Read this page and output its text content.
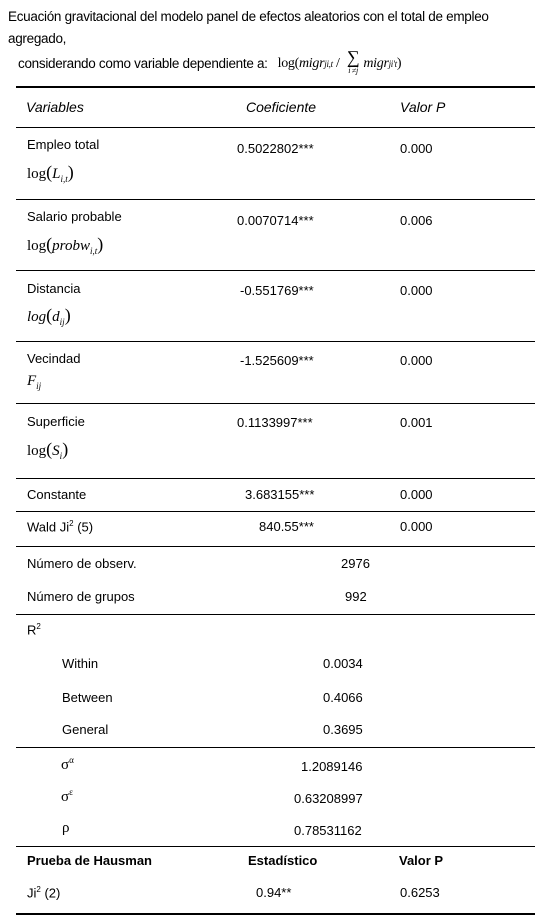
Ecuación gravitacional del modelo panel de efectos aleatorios con el total de empleo agregado,
considerando como variable dependiente a: log( migr ji,t / ∑
i ≠j migr ji't )
Variables	Coeficiente	Valor P
Empleo total
$\log(L_{i,t})$
0.5022802***	0.000
Salario probable
log(probw$_{i,t}$)
0.0070714***	0.006
Distancia
$\log(d_{ij})$
-0.551769***	0.000
Vecindad
$F_{ij}$
-1.525609***	0.000
Superficie
$\log(S_i)$
0.1133997***	0.001
Constante	3.683155***	0.000
Wald Ji$^2$ (5)	840.55***	0.000
Número de observ.	2976
Número de grupos	992
$R^2$
Within	0.0034
Between	0.4066
General	0.3695
$\sigma^\alpha$	1.2089146
$\sigma^\varepsilon$	0.63208997
ρ	0.78531162
Prueba de Hausman	Estadístico	Valor P
Ji$^2$ (2)	0.94**	0.6253
